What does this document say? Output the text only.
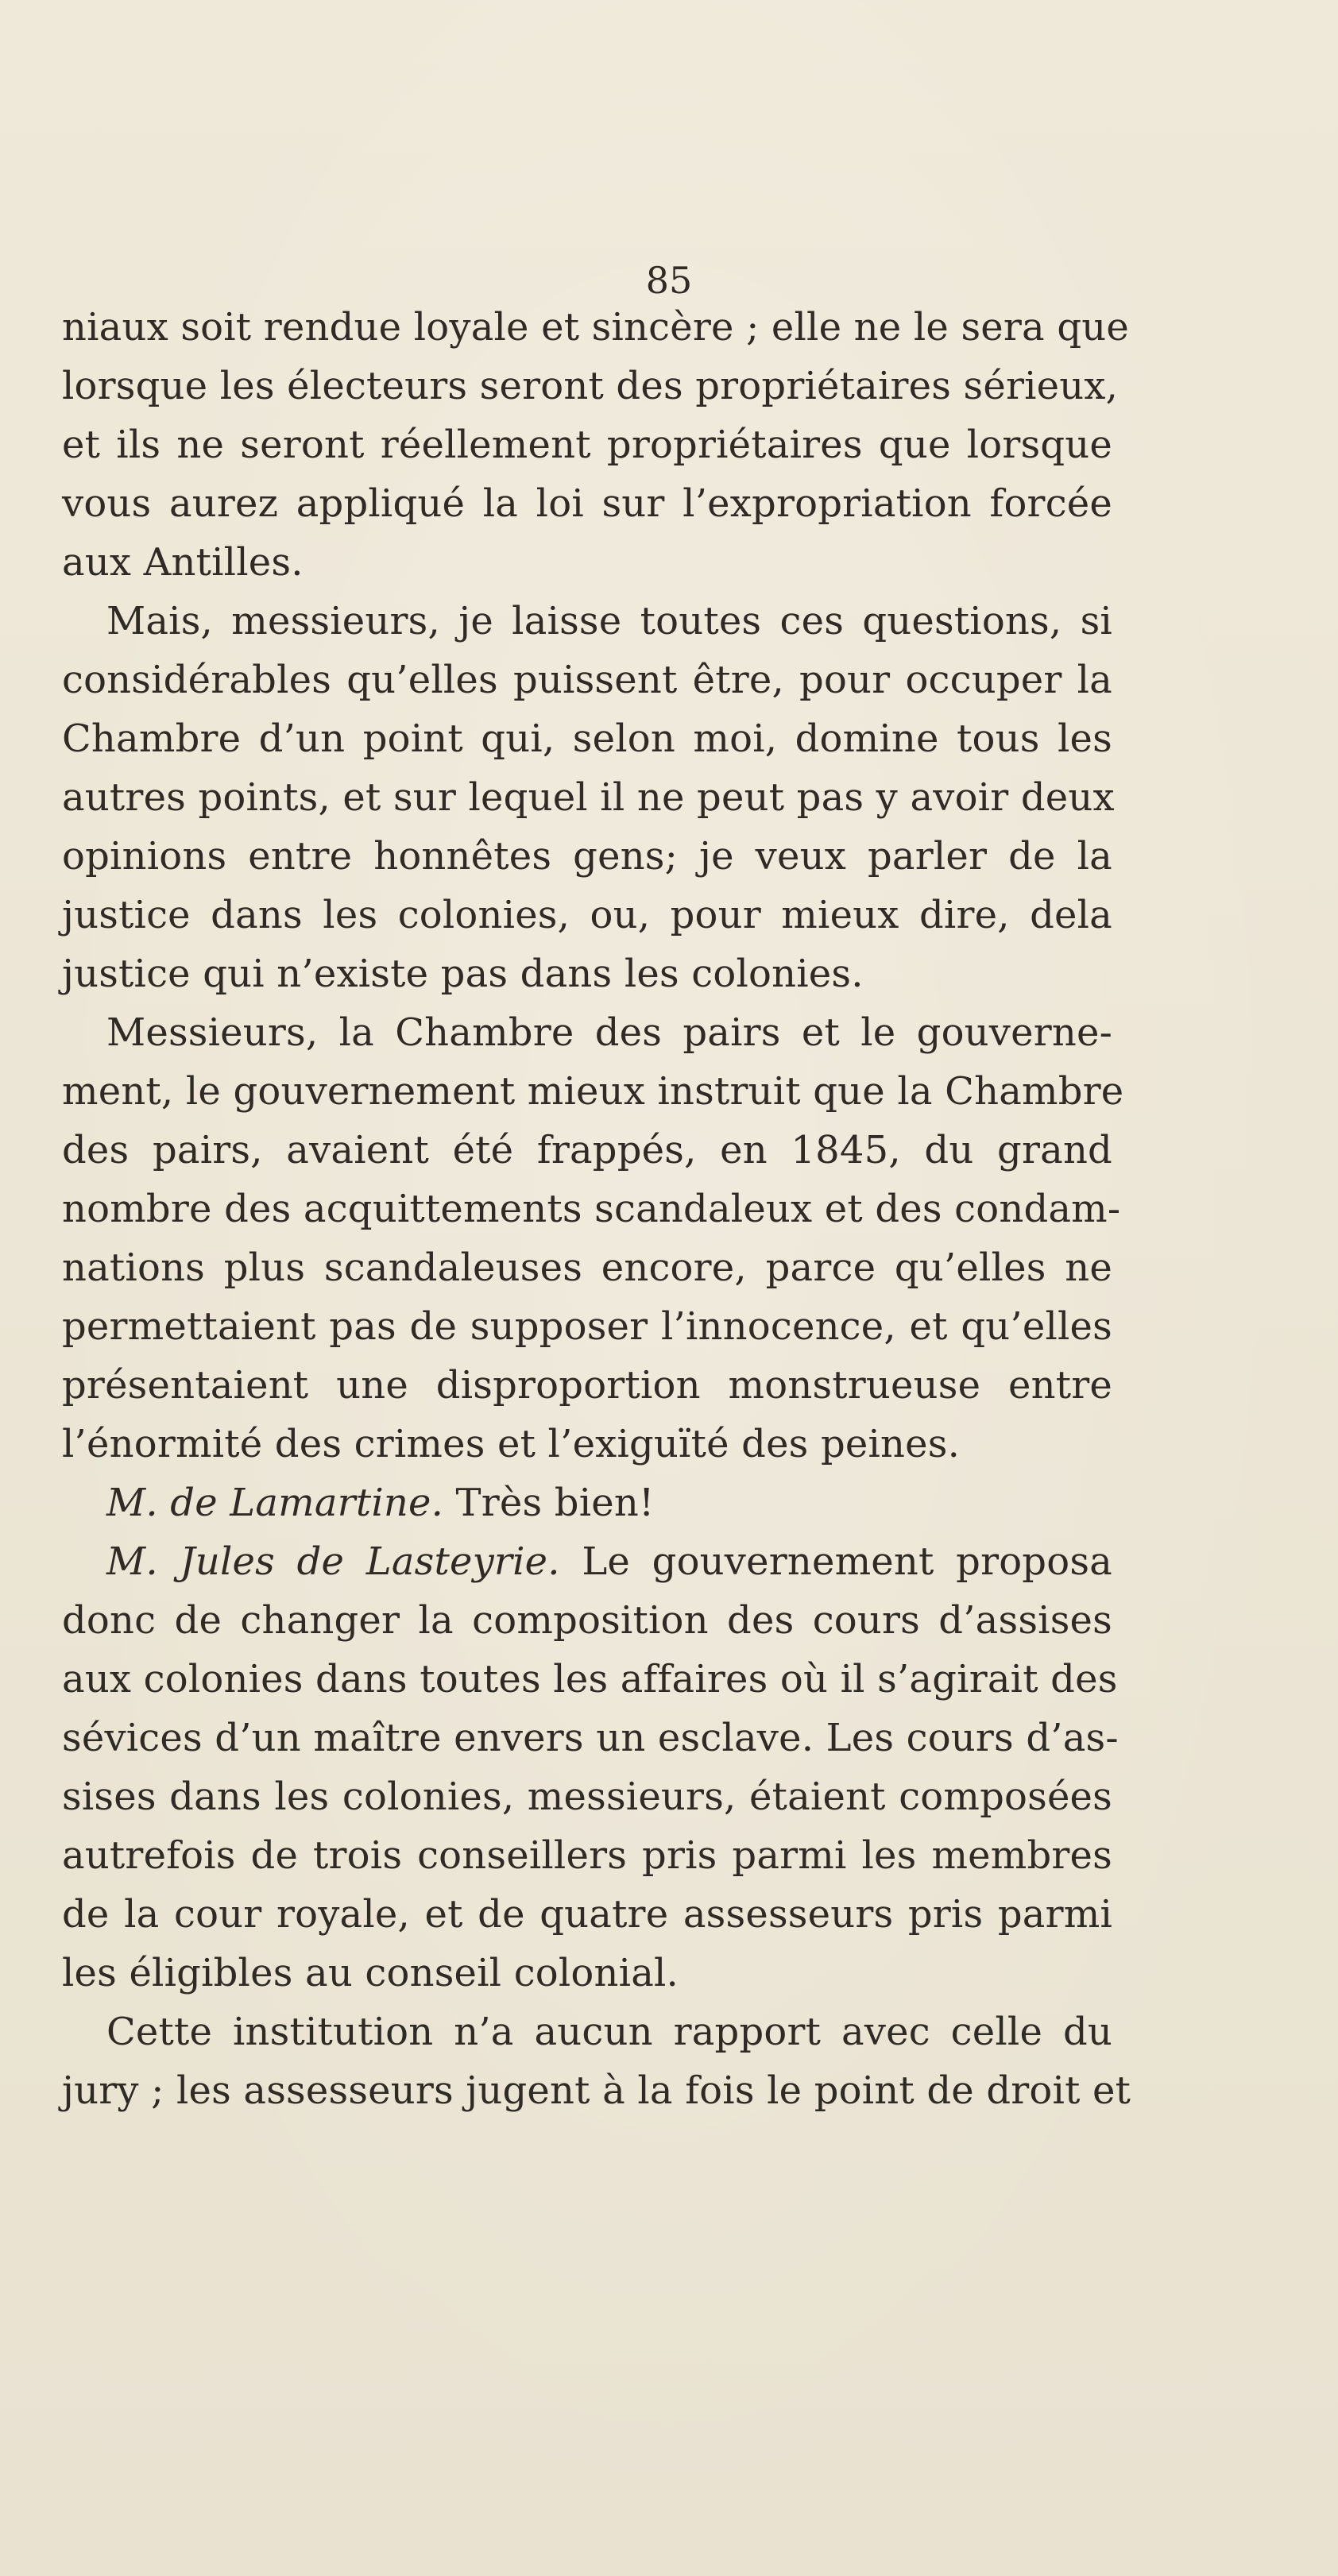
85
niaux soit rendue loyale et sincère ; elle ne le sera que
lorsque les électeurs seront des propriétaires sérieux,
et ils ne seront réellement propriétaires que lorsque
vous aurez appliqué la loi sur l’expropriation forcée
aux Antilles.
Mais, messieurs, je laisse toutes ces questions, si
considérables qu’elles puissent être, pour occuper la
Chambre d’un point qui, selon moi, domine tous les
autres points, et sur lequel il ne peut pas y avoir deux
opinions entre honnêtes gens; je veux parler de la
justice dans les colonies, ou, pour mieux dire, dela
justice qui n’existe pas dans les colonies.
Messieurs, la Chambre des pairs et le gouverne-
ment, le gouvernement mieux instruit que la Chambre
des pairs, avaient été frappés, en 1845, du grand
nombre des acquittements scandaleux et des condam-
nations plus scandaleuses encore, parce qu’elles ne
permettaient pas de supposer l’innocence, et qu’elles
présentaient une disproportion monstrueuse entre
l’énormité des crimes et l’exiguïté des peines.
M. de Lamartine. Très bien!
M. Jules de Lasteyrie. Le gouvernement proposa
donc de changer la composition des cours d’assises
aux colonies dans toutes les affaires où il s’agirait des
sévices d’un maître envers un esclave. Les cours d’as-
sises dans les colonies, messieurs, étaient composées
autrefois de trois conseillers pris parmi les membres
de la cour royale, et de quatre assesseurs pris parmi
les éligibles au conseil colonial.
Cette institution n’a aucun rapport avec celle du
jury ; les assesseurs jugent à la fois le point de droit et
